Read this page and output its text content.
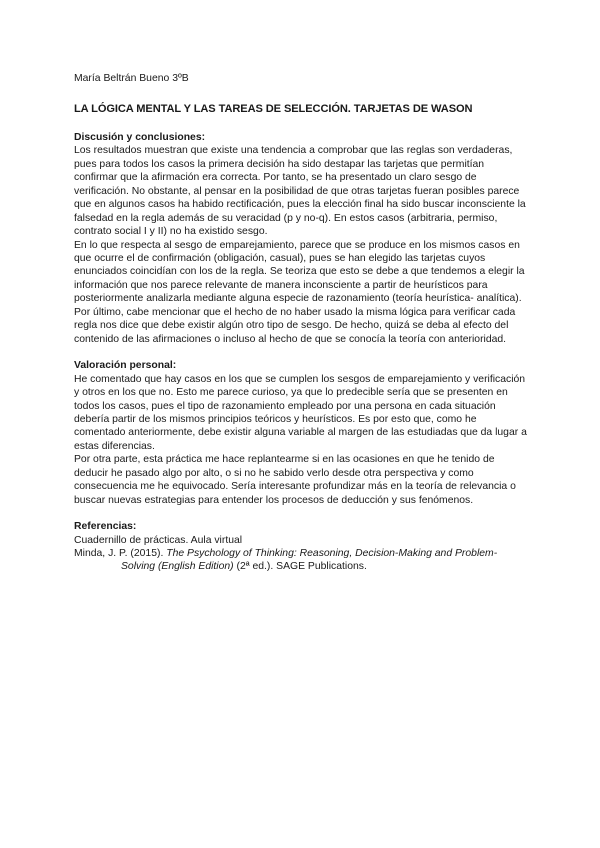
María Beltrán Bueno 3ºB

LA LÓGICA MENTAL Y LAS TAREAS DE SELECCIÓN. TARJETAS DE WASON

Discusión y conclusiones:

Los resultados muestran que existe una tendencia a comprobar que las reglas son verdaderas, pues para todos los casos la primera decisión ha sido destapar las tarjetas que permitían confirmar que la afirmación era correcta. Por tanto, se ha presentado un claro sesgo de verificación. No obstante, al pensar en la posibilidad de que otras tarjetas fueran posibles parece que en algunos casos ha habido rectificación, pues la elección final ha sido buscar inconsciente la falsedad en la regla además de su veracidad (p y no-q). En estos casos (arbitraria, permiso, contrato social I y II) no ha existido sesgo.

En lo que respecta al sesgo de emparejamiento, parece que se produce en los mismos casos en que ocurre el de confirmación (obligación, casual), pues se han elegido las tarjetas cuyos enunciados coincidían con los de la regla. Se teoriza que esto se debe a que tendemos a elegir la información que nos parece relevante de manera inconsciente a partir de heurísticos para posteriormente analizarla mediante alguna especie de razonamiento (teoría heurística- analítica).

Por último, cabe mencionar que el hecho de no haber usado la misma lógica para verificar cada regla nos dice que debe existir algún otro tipo de sesgo. De hecho, quizá se deba al efecto del contenido de las afirmaciones o incluso al hecho de que se conocía la teoría con anterioridad.

Valoración personal:

He comentado que hay casos en los que se cumplen los sesgos de emparejamiento y verificación y otros en los que no. Esto me parece curioso, ya que lo predecible sería que se presenten en todos los casos, pues el tipo de razonamiento empleado por una persona en cada situación debería partir de los mismos principios teóricos y heurísticos. Es por esto que, como he comentado anteriormente, debe existir alguna variable al margen de las estudiadas que da lugar a estas diferencias.

Por otra parte, esta práctica me hace replantearme si en las ocasiones en que he tenido de deducir he pasado algo por alto, o si no he sabido verlo desde otra perspectiva y como consecuencia me he equivocado. Sería interesante profundizar más en la teoría de relevancia o buscar nuevas estrategias para entender los procesos de deducción y sus fenómenos.

Referencias:

Cuadernillo de prácticas. Aula virtual

Minda, J. P. (2015). The Psychology of Thinking: Reasoning, Decision-Making and Problem-Solving (English Edition) (2ª ed.). SAGE Publications.
